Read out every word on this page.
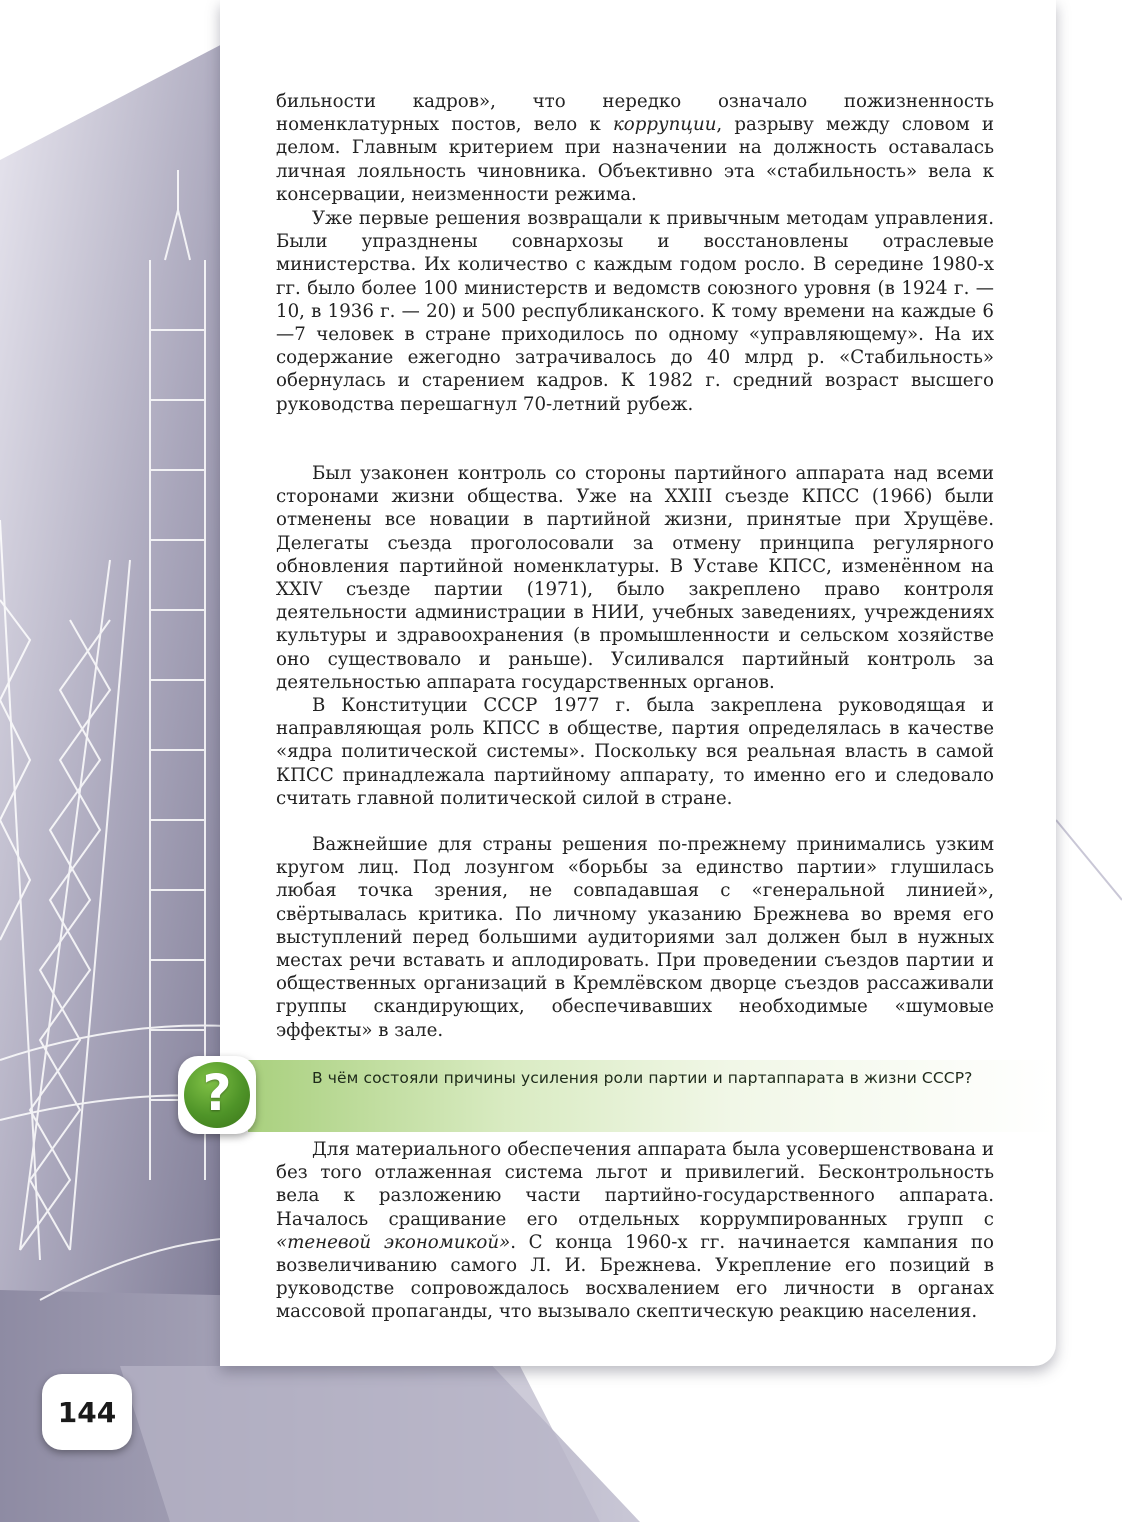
бильности кадров», что нередко означало пожизненность номенклатурных постов, вело к коррупции, разрыву между словом и делом. Главным критерием при назначении на должность оставалась личная лояльность чиновника. Объективно эта «стабильность» вела к консервации, неизменности режима.

Уже первые решения возвращали к привычным методам управления. Были упразднены совнархозы и восстановлены отраслевые министерства. Их количество с каждым годом росло. В середине 1980-х гг. было более 100 министерств и ведомств союзного уровня (в 1924 г. — 10, в 1936 г. — 20) и 500 республиканского. К тому времени на каждые 6—7 человек в стране приходилось по одному «управляющему». На их содержание ежегодно затрачивалось до 40 млрд р. «Стабильность» обернулась и старением кадров. К 1982 г. средний возраст высшего руководства перешагнул 70-летний рубеж.

Был узаконен контроль со стороны партийного аппарата над всеми сторонами жизни общества. Уже на XXIII съезде КПСС (1966) были отменены все новации в партийной жизни, принятые при Хрущёве. Делегаты съезда проголосовали за отмену принципа регулярного обновления партийной номенклатуры. В Уставе КПСС, изменённом на XXIV съезде партии (1971), было закреплено право контроля деятельности администрации в НИИ, учебных заведениях, учреждениях культуры и здравоохранения (в промышленности и сельском хозяйстве оно существовало и раньше). Усиливался партийный контроль за деятельностью аппарата государственных органов.

В Конституции СССР 1977 г. была закреплена руководящая и направляющая роль КПСС в обществе, партия определялась в качестве «ядра политической системы». Поскольку вся реальная власть в самой КПСС принадлежала партийному аппарату, то именно его и следовало считать главной политической силой в стране.

Важнейшие для страны решения по-прежнему принимались узким кругом лиц. Под лозунгом «борьбы за единство партии» глушилась любая точка зрения, не совпадавшая с «генеральной линией», свёртывалась критика. По личному указанию Брежнева во время его выступлений перед большими аудиториями зал должен был в нужных местах речи вставать и аплодировать. При проведении съездов партии и общественных организаций в Кремлёвском дворце съездов рассаживали группы скандирующих, обеспечивавших необходимые «шумовые эффекты» в зале.

?	В чём состояли причины усиления роли партии и партаппарата в жизни СССР?

Для материального обеспечения аппарата была усовершенствована и без того отлаженная система льгот и привилегий. Бесконтрольность вела к разложению части партийно-государственного аппарата. Началось сращивание его отдельных коррумпированных групп с «теневой экономикой». С конца 1960-х гг. начинается кампания по возвеличиванию самого Л. И. Брежнева. Укрепление его позиций в руководстве сопровождалось восхвалением его личности в органах массовой пропаганды, что вызывало скептическую реакцию населения.

144
